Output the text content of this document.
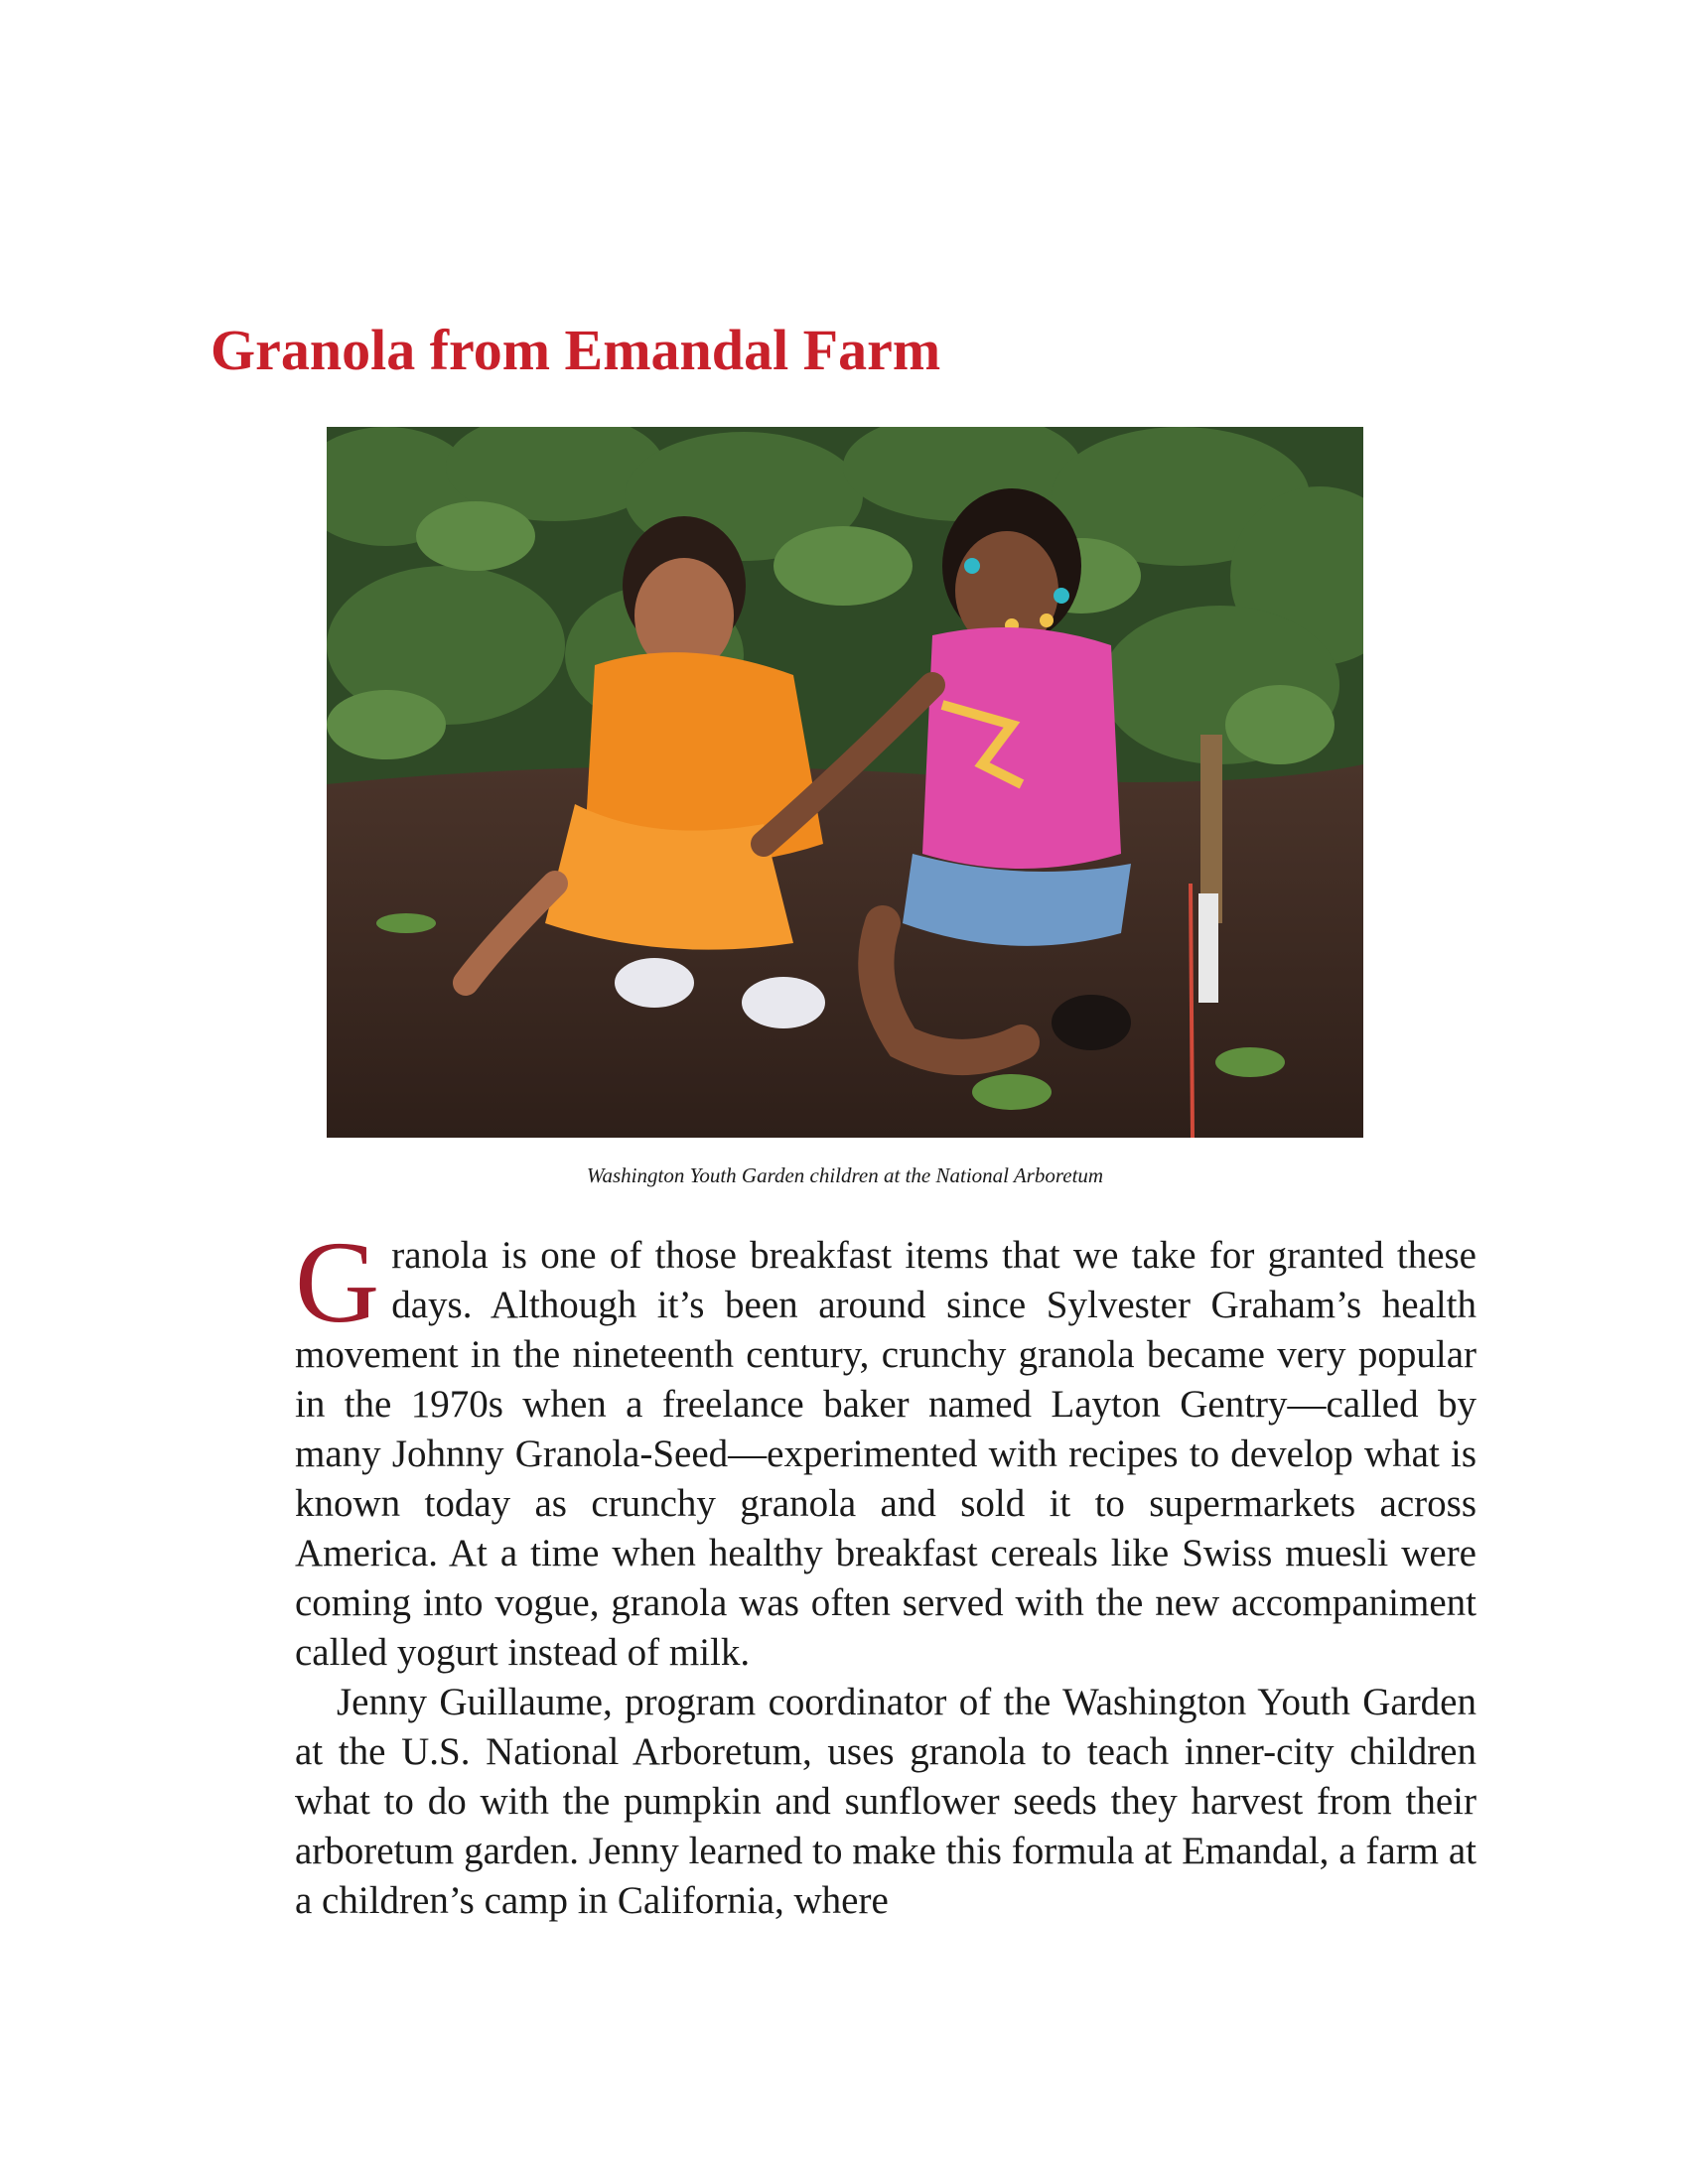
Granola from Emandal Farm
Washington Youth Garden children at the National Arboretum

Granola is one of those breakfast items that we take for granted these days. Although it’s been around since Sylvester Graham’s health movement in the nineteenth century, crunchy granola became very popular in the 1970s when a freelance baker named Layton Gentry—called by many Johnny Granola-Seed—experimented with recipes to develop what is known today as crunchy granola and sold it to supermarkets across America. At a time when healthy breakfast cereals like Swiss muesli were coming into vogue, granola was often served with the new accompaniment called yogurt instead of milk.

Jenny Guillaume, program coordinator of the Washington Youth Garden at the U.S. National Arboretum, uses granola to teach inner-city children what to do with the pumpkin and sunflower seeds they harvest from their arboretum garden. Jenny learned to make this formula at Emandal, a farm at a children’s camp in California, where
